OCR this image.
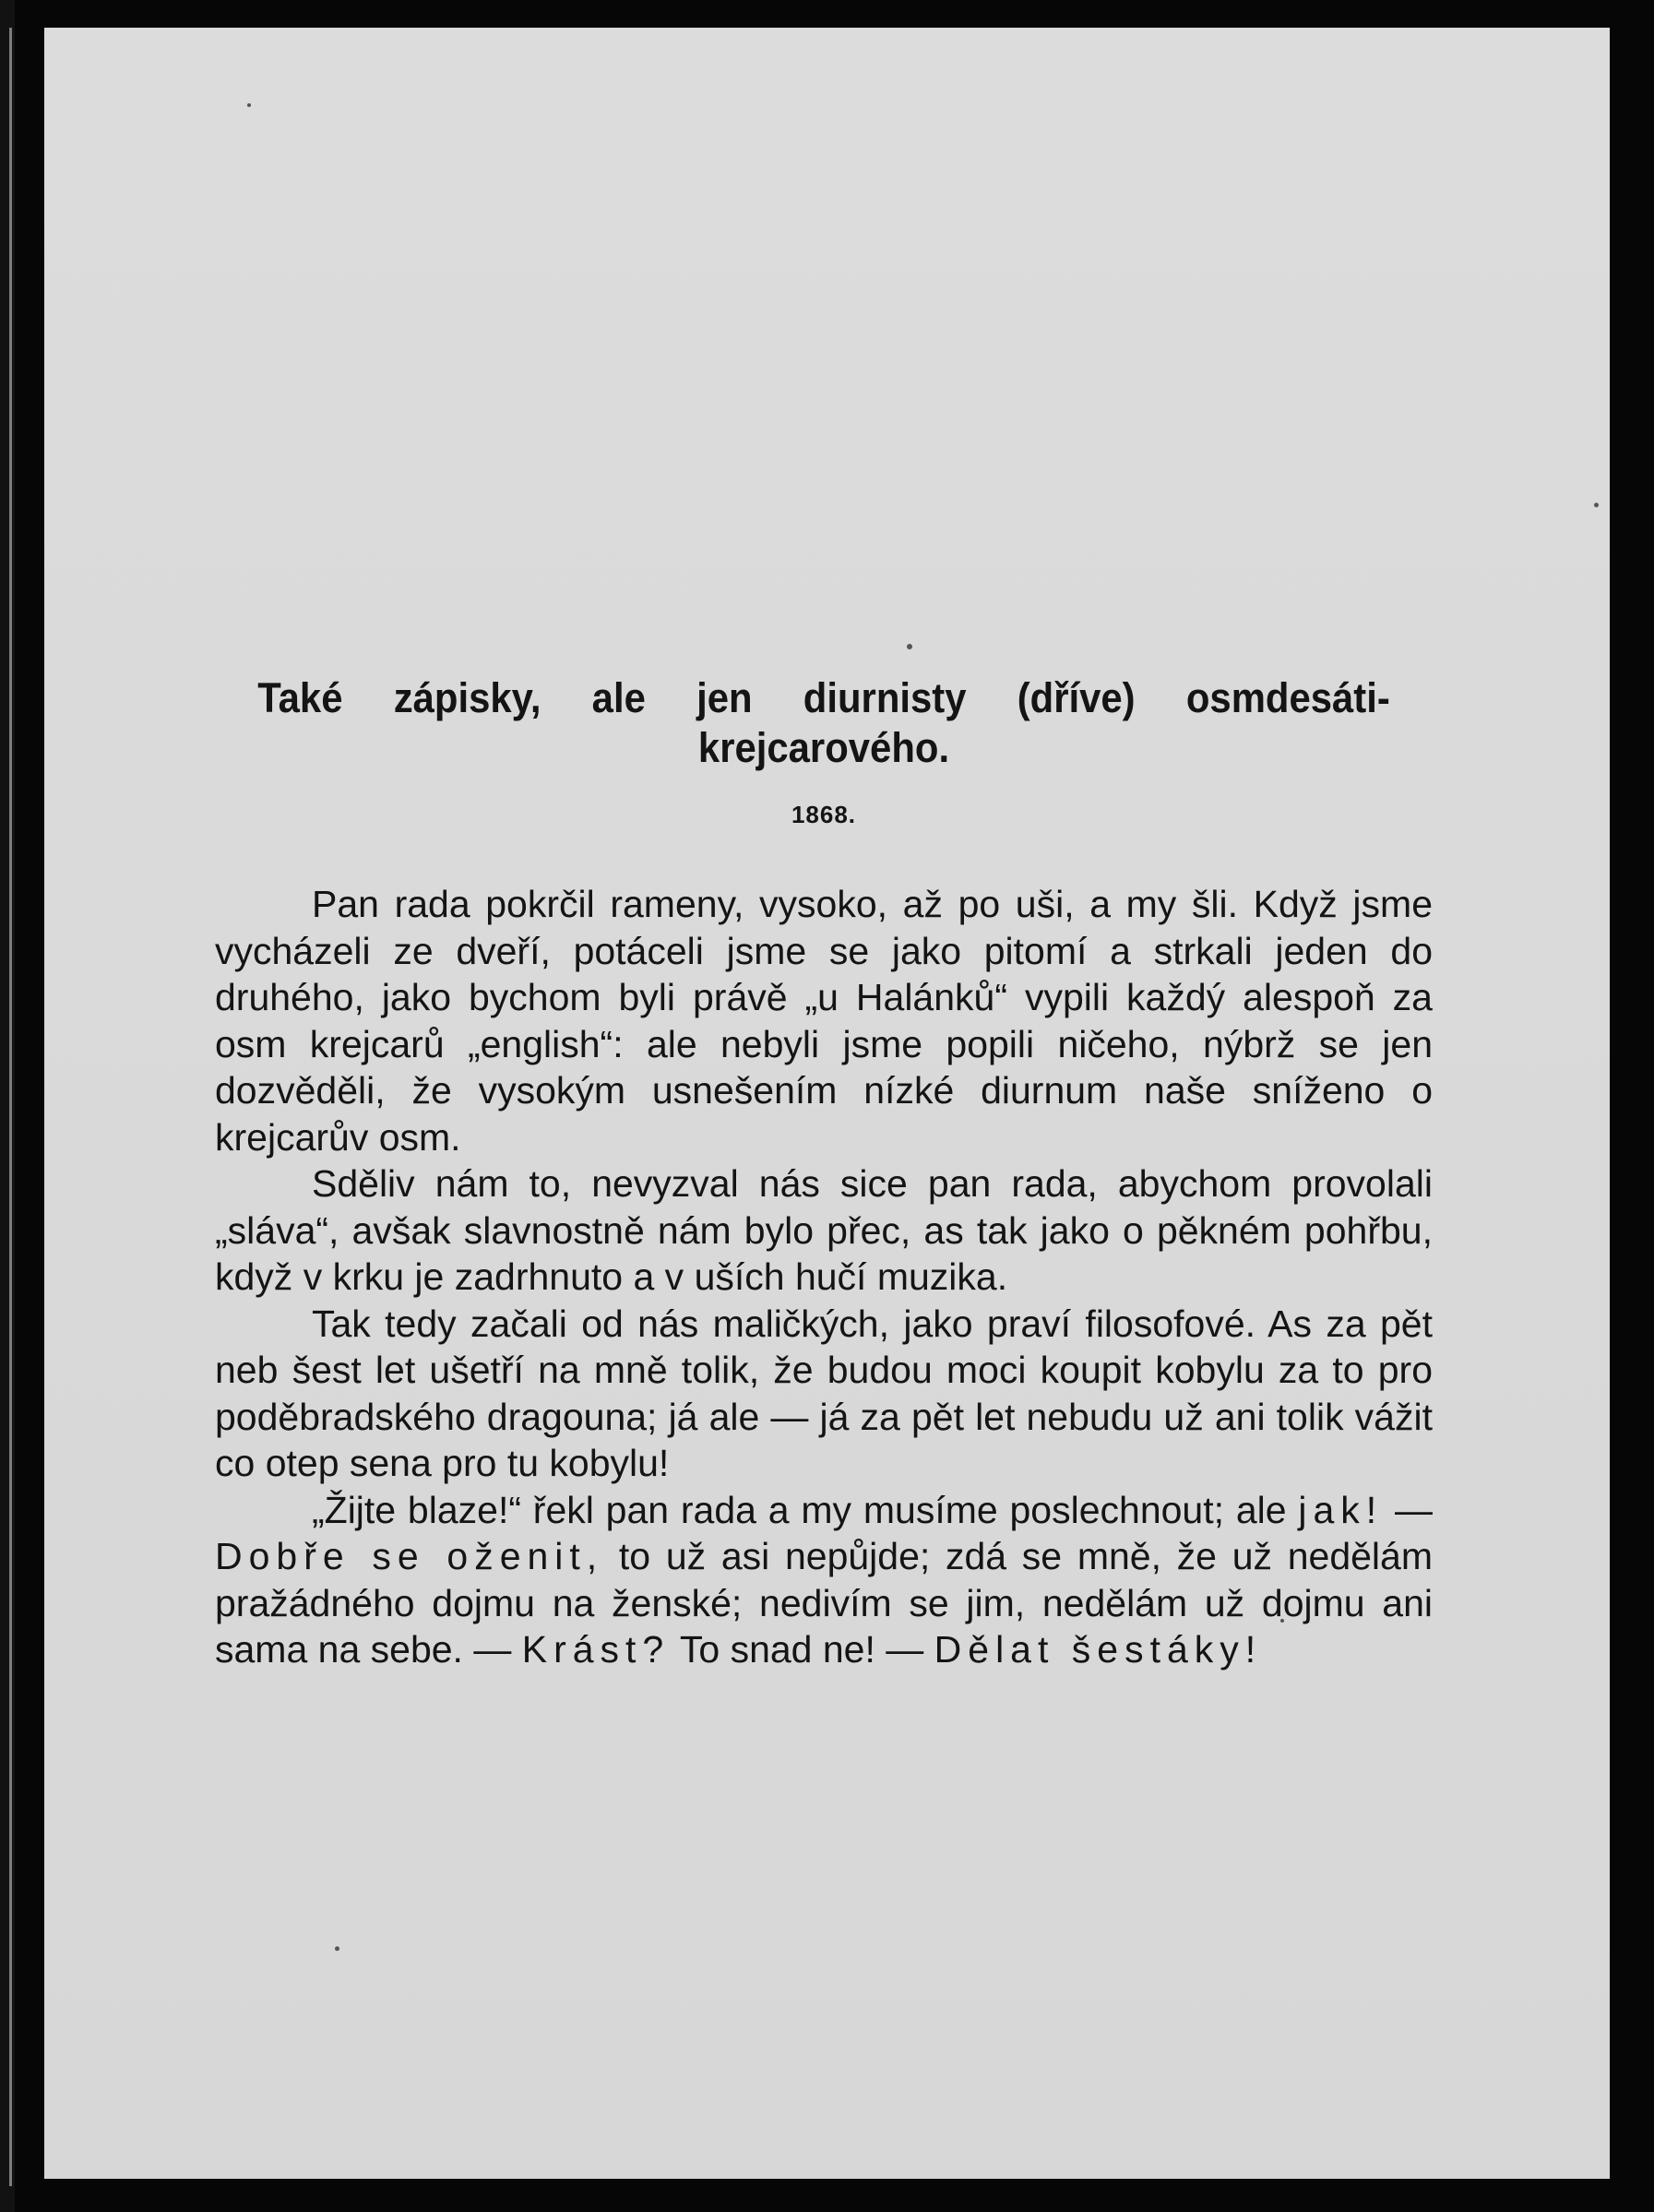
Také zápisky, ale jen diurnisty (dříve) osmdesáti-
krejcarového.
1868.

Pan rada pokrčil rameny, vysoko, až po uši, a my šli. Když jsme vycházeli ze dveří, potáceli jsme se jako pitomí a strkali jeden do druhého, jako bychom byli právě „u Halánků“ vypili každý alespoň za osm krejcarů „english“: ale nebyli jsme popili ničeho, nýbrž se jen dozvěděli, že vysokým usnešením nízké diurnum naše sníženo o krejcarův osm.

Sděliv nám to, nevyzval nás sice pan rada, abychom provolali „sláva“, avšak slavnostně nám bylo přec, as tak jako o pěkném pohřbu, když v krku je zadrhnuto a v uších hučí muzika.

Tak tedy začali od nás maličkých, jako praví filosofové. As za pět neb šest let ušetří na mně tolik, že budou moci koupit kobylu za to pro poděbradského dragouna; já ale — já za pět let nebudu už ani tolik vážit co otep sena pro tu kobylu!

„Žijte blaze!“ řekl pan rada a my musíme poslechnout; ale jak! — Dobře se oženit, to už asi nepůjde; zdá se mně, že už nedělám pražádného dojmu na ženské; nedivím se jim, nedělám už dojmu ani sama na sebe. — Krást? To snad ne! — Dělat šestáky!
